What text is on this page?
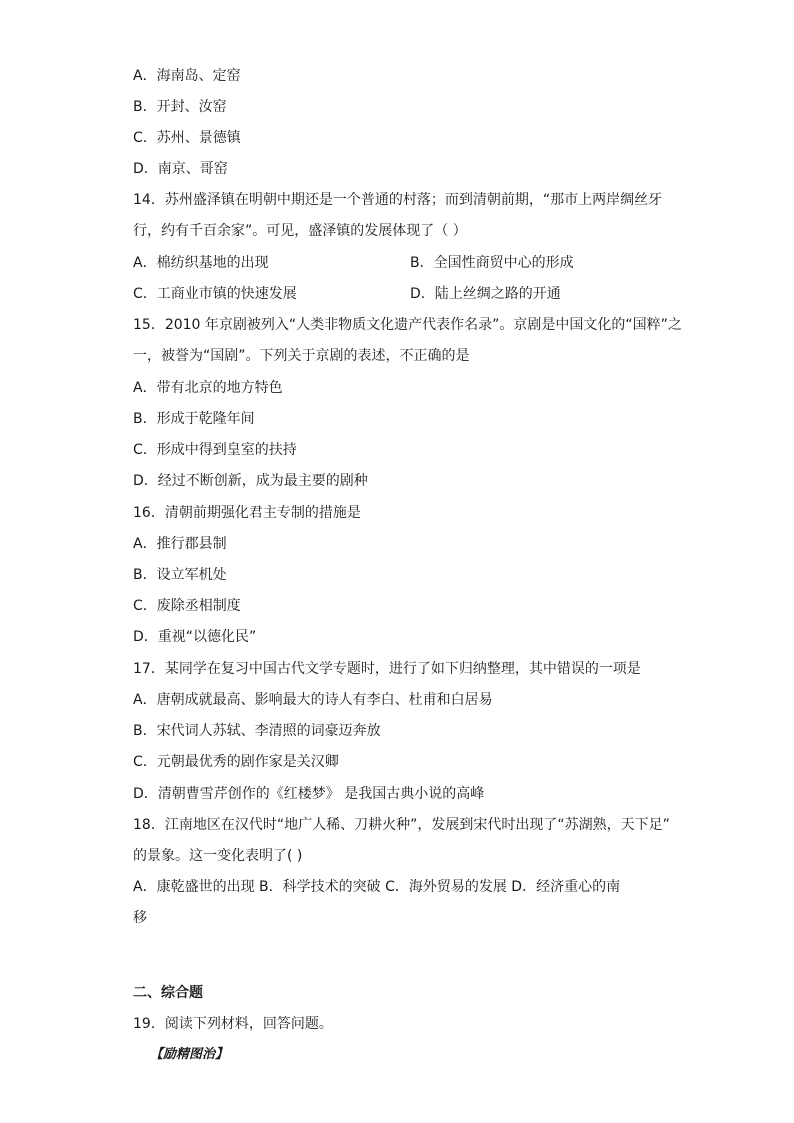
A．海南岛、定窑
B．开封、汝窑
C．苏州、景德镇
D．南京、哥窑
14．苏州盛泽镇在明朝中期还是一个普通的村落；而到清朝前期，“那市上两岸绸丝牙
行，约有千百余家”。可见，盛泽镇的发展体现了（ ）
A．棉纺织基地的出现	B．全国性商贸中心的形成
C．工商业市镇的快速发展	D．陆上丝绸之路的开通
15．2010 年京剧被列入“人类非物质文化遗产代表作名录”。京剧是中国文化的“国粹”之
一，被誉为“国剧”。下列关于京剧的表述，不正确的是
A．带有北京的地方特色
B．形成于乾隆年间
C．形成中得到皇室的扶持
D．经过不断创新，成为最主要的剧种
16．清朝前期强化君主专制的措施是
A．推行郡县制
B．设立军机处
C．废除丞相制度
D．重视“以德化民”
17．某同学在复习中国古代文学专题时，进行了如下归纳整理，其中错误的一项是
A．唐朝成就最高、影响最大的诗人有李白、杜甫和白居易
B．宋代词人苏轼、李清照的词豪迈奔放
C．元朝最优秀的剧作家是关汉卿
D．清朝曹雪芹创作的《红楼梦》 是我国古典小说的高峰
18．江南地区在汉代时“地广人稀、刀耕火种”，发展到宋代时出现了“苏湖熟，天下足”
的景象。这一变化表明了( )
A．康乾盛世的出现 B．科学技术的突破 C．海外贸易的发展 D．经济重心的南
移
二、综合题
19．阅读下列材料，回答问题。
【励精图治】
